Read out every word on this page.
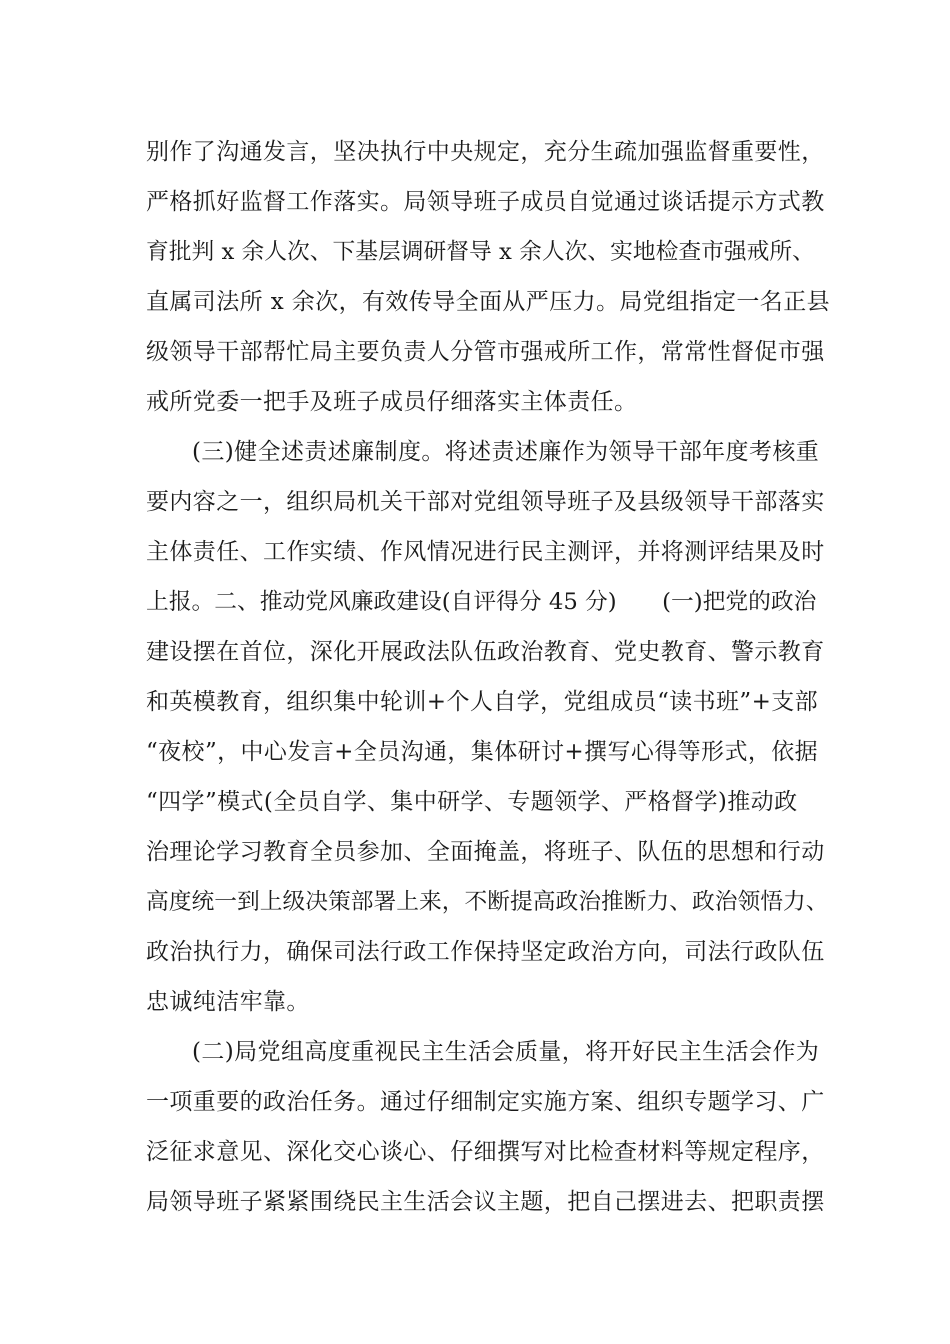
别作了沟通发言，坚决执行中央规定，充分生疏加强监督重要性，
严格抓好监督工作落实。局领导班子成员自觉通过谈话提示方式教
育批判 x 余人次、下基层调研督导 x 余人次、实地检查市强戒所、
直属司法所 x 余次，有效传导全面从严压力。局党组指定一名正县
级领导干部帮忙局主要负责人分管市强戒所工作，常常性督促市强
戒所党委一把手及班子成员仔细落实主体责任。
(三)健全述责述廉制度。将述责述廉作为领导干部年度考核重
要内容之一，组织局机关干部对党组领导班子及县级领导干部落实
主体责任、工作实绩、作风情况进行民主测评，并将测评结果及时
上报。二、推动党风廉政建设(自评得分 45 分)　　(一)把党的政治
建设摆在首位，深化开展政法队伍政治教育、党史教育、警示教育
和英模教育，组织集中轮训+个人自学，党组成员“读书班”+支部
“夜校”，中心发言+全员沟通，集体研讨+撰写心得等形式，依据
“四学”模式(全员自学、集中研学、专题领学、严格督学)推动政
治理论学习教育全员参加、全面掩盖，将班子、队伍的思想和行动
高度统一到上级决策部署上来，不断提高政治推断力、政治领悟力、
政治执行力，确保司法行政工作保持坚定政治方向，司法行政队伍
忠诚纯洁牢靠。
(二)局党组高度重视民主生活会质量，将开好民主生活会作为
一项重要的政治任务。通过仔细制定实施方案、组织专题学习、广
泛征求意见、深化交心谈心、仔细撰写对比检查材料等规定程序，
局领导班子紧紧围绕民主生活会议主题，把自己摆进去、把职责摆
